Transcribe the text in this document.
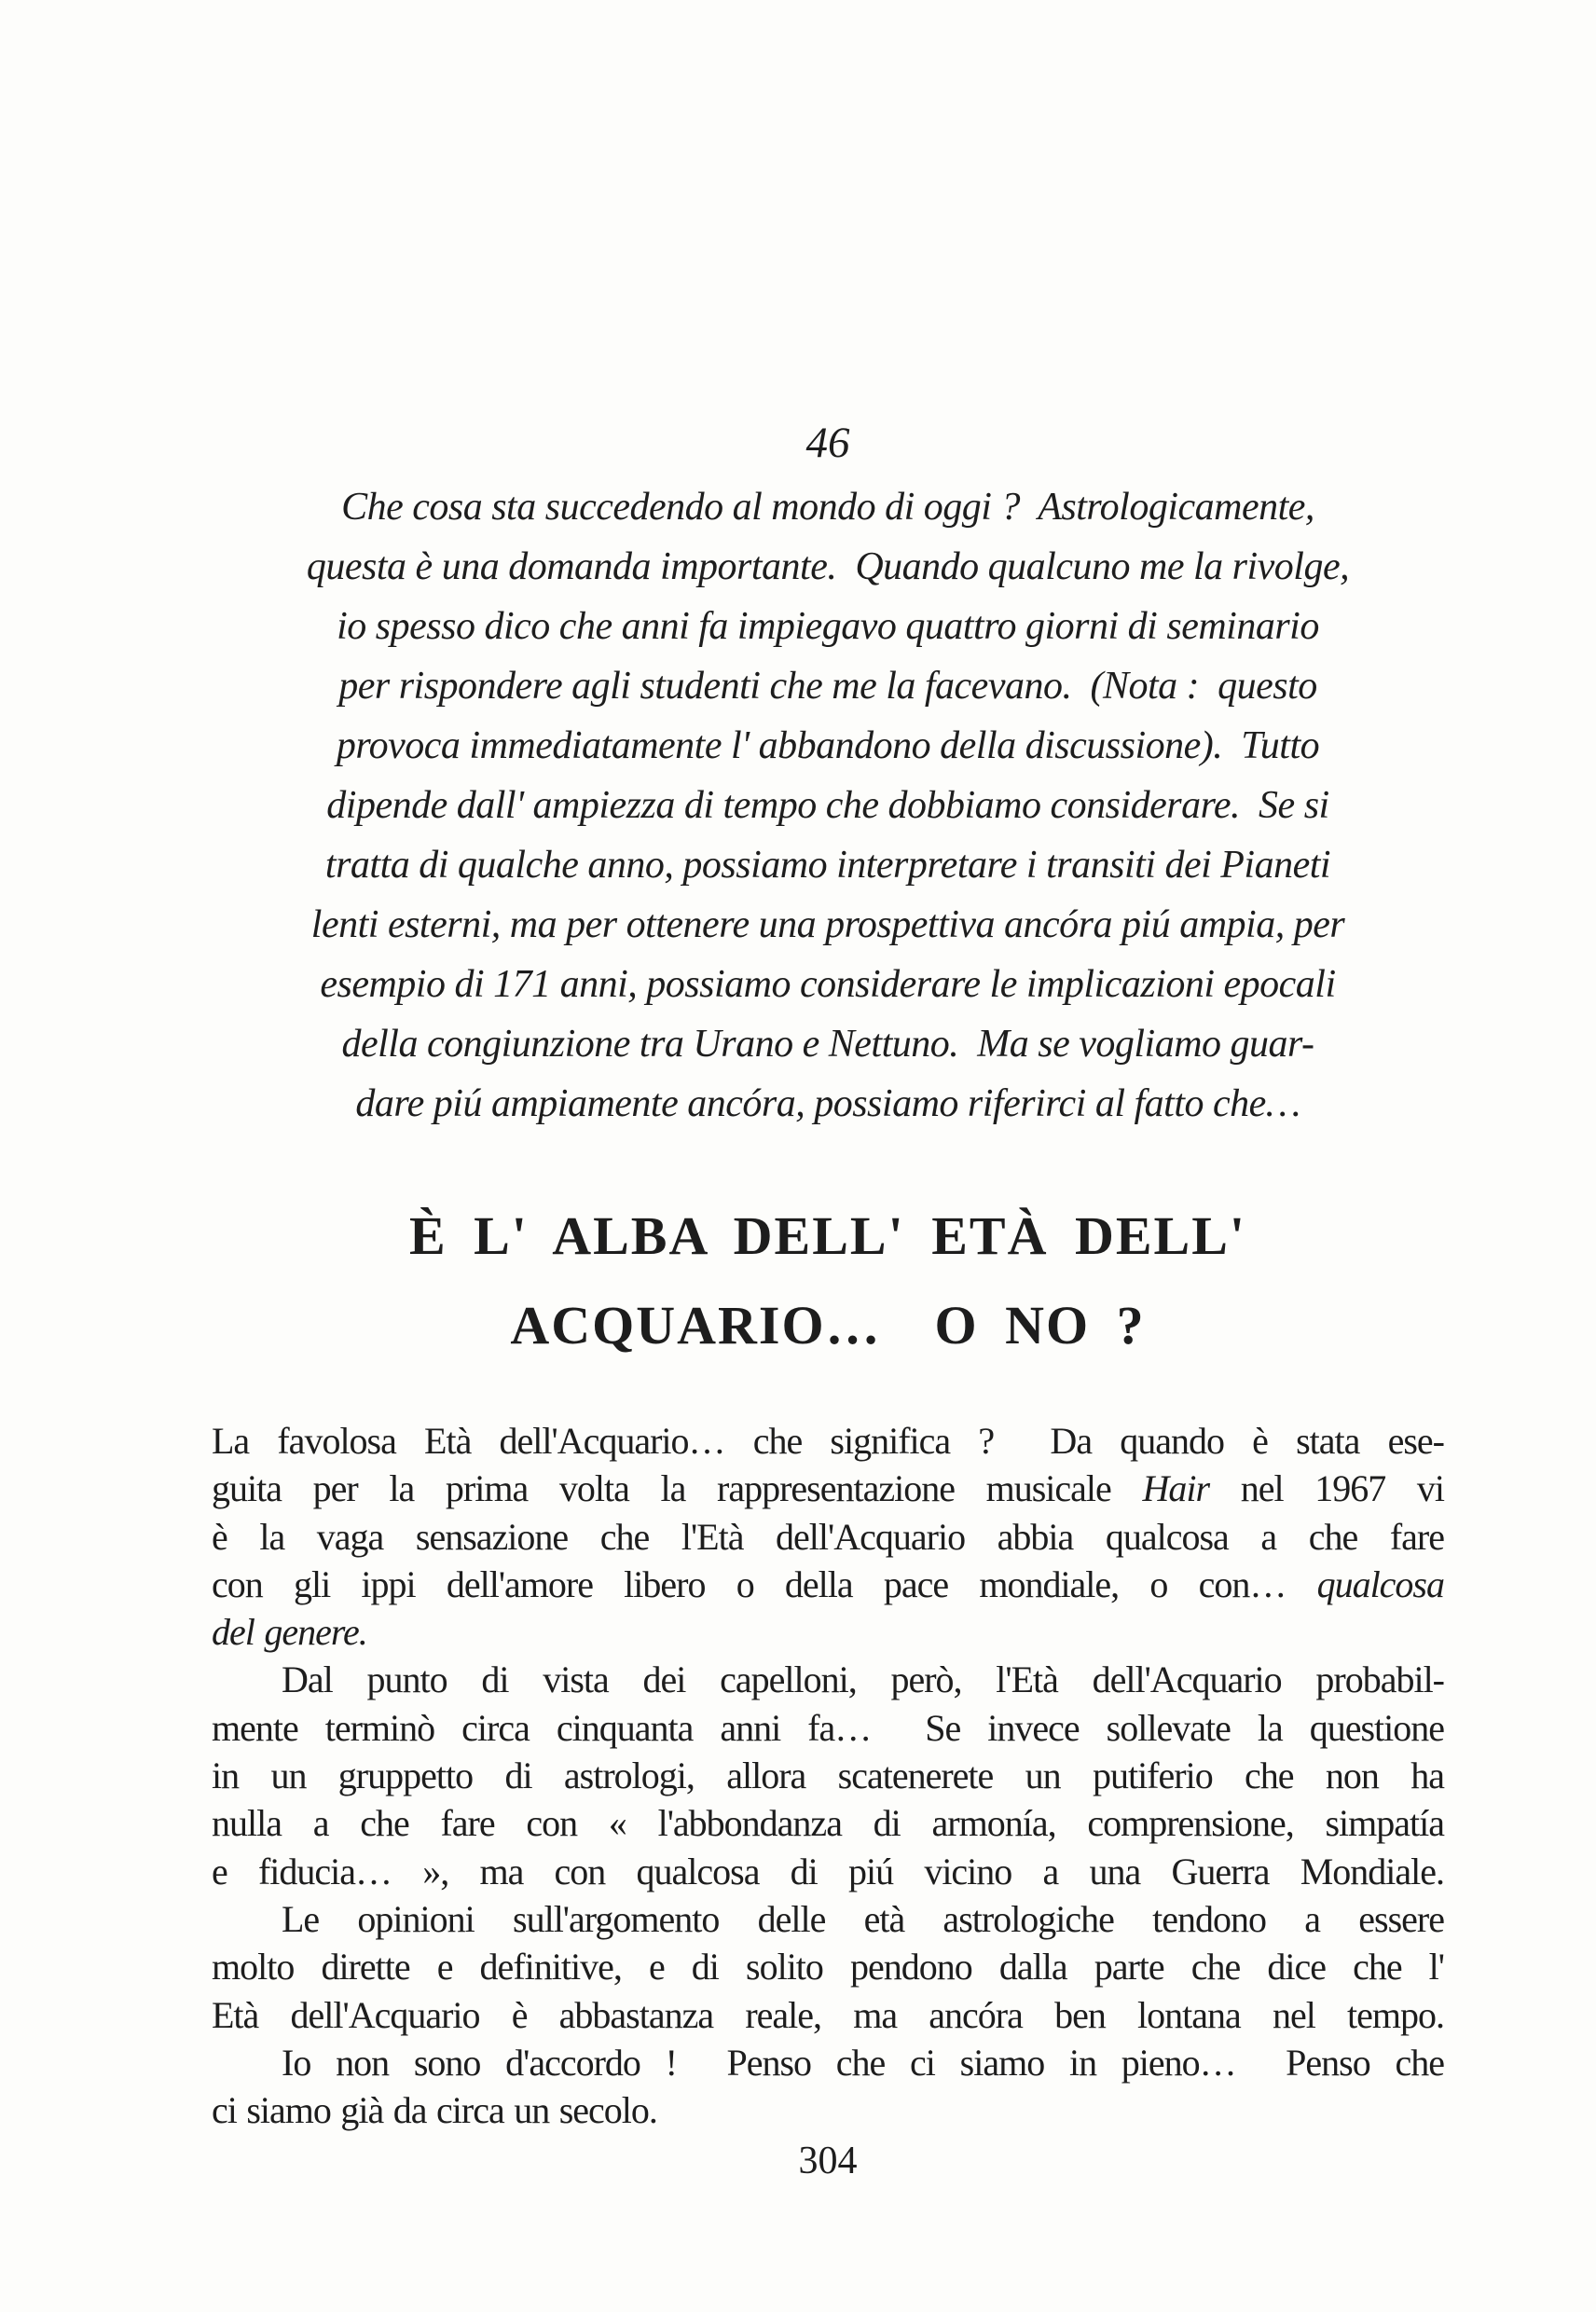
46
Che cosa sta succedendo al mondo di oggi ?  Astrologicamente,
questa è una domanda importante.  Quando qualcuno me la rivolge,
io spesso dico che anni fa impiegavo quattro giorni di seminario
per rispondere agli studenti che me la facevano.  (Nota :  questo
provoca immediatamente l' abbandono della discussione).  Tutto
dipende dall' ampiezza di tempo che dobbiamo considerare.  Se si
tratta di qualche anno, possiamo interpretare i transiti dei Pianeti
lenti esterni, ma per ottenere una prospettiva ancóra piú ampia, per
esempio di 171 anni, possiamo considerare le implicazioni epocali
della congiunzione tra Urano e Nettuno.  Ma se vogliamo guar-
dare piú ampiamente ancóra, possiamo riferirci al fatto che…
È L' ALBA DELL' ETÀ DELL'
ACQUARIO…  O NO ?
La favolosa Età dell'Acquario… che significa ?  Da quando è stata ese-
guita per la prima volta la rappresentazione musicale Hair nel 1967 vi
è la vaga sensazione che l'Età dell'Acquario abbia qualcosa a che fare
con gli ippi dell'amore libero o della pace mondiale, o con… qualcosa
del genere.
Dal punto di vista dei capelloni, però, l'Età dell'Acquario probabil-
mente terminò circa cinquanta anni fa…  Se invece sollevate la questione
in un gruppetto di astrologi, allora scatenerete un putiferio che non ha
nulla a che fare con « l'abbondanza di armonía, comprensione, simpatía
e fiducia… », ma con qualcosa di piú vicino a una Guerra Mondiale.
Le opinioni sull'argomento delle età astrologiche tendono a essere
molto dirette e definitive, e di solito pendono dalla parte che dice che l'
Età dell'Acquario è abbastanza reale, ma ancóra ben lontana nel tempo.
Io non sono d'accordo !  Penso che ci siamo in pieno…  Penso che
ci siamo già da circa un secolo.
304
